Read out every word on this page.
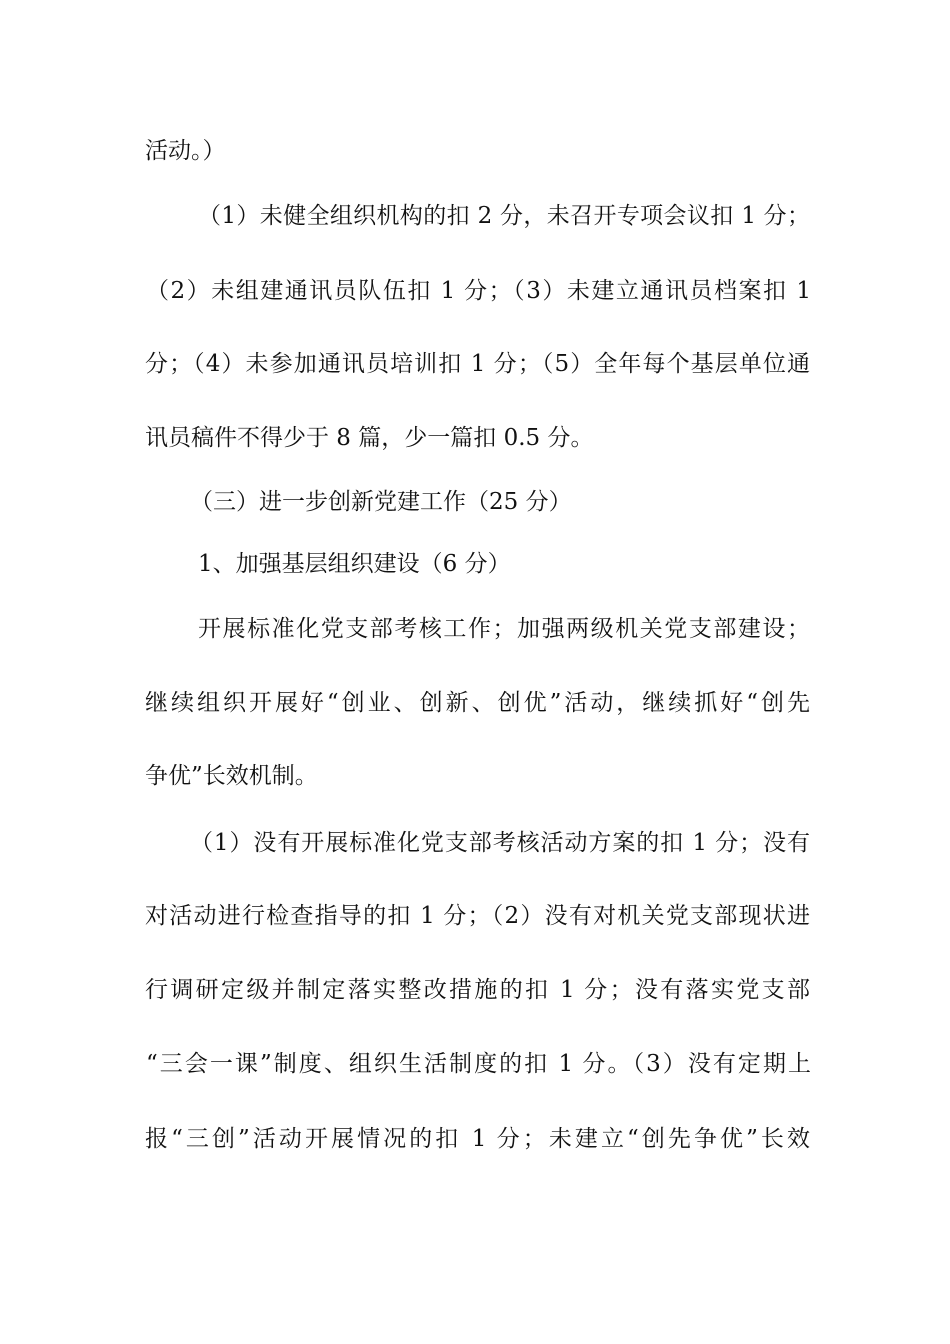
活动。）
（1）未健全组织机构的扣 2 分，未召开专项会议扣 1 分；
（2）未组建通讯员队伍扣 1 分；（3）未建立通讯员档案扣 1
分；（4）未参加通讯员培训扣 1 分；（5）全年每个基层单位通
讯员稿件不得少于 8 篇，少一篇扣 0.5 分。
（三）进一步创新党建工作（25 分）
1、加强基层组织建设（6 分）
开展标准化党支部考核工作；加强两级机关党支部建设；
继续组织开展好“创业、创新、创优”活动，继续抓好“创先
争优”长效机制。
（1）没有开展标准化党支部考核活动方案的扣 1 分；没有
对活动进行检查指导的扣 1 分；（2）没有对机关党支部现状进
行调研定级并制定落实整改措施的扣 1 分；没有落实党支部
“三会一课”制度、组织生活制度的扣 1 分。（3）没有定期上
报“三创”活动开展情况的扣 1 分；未建立“创先争优”长效
